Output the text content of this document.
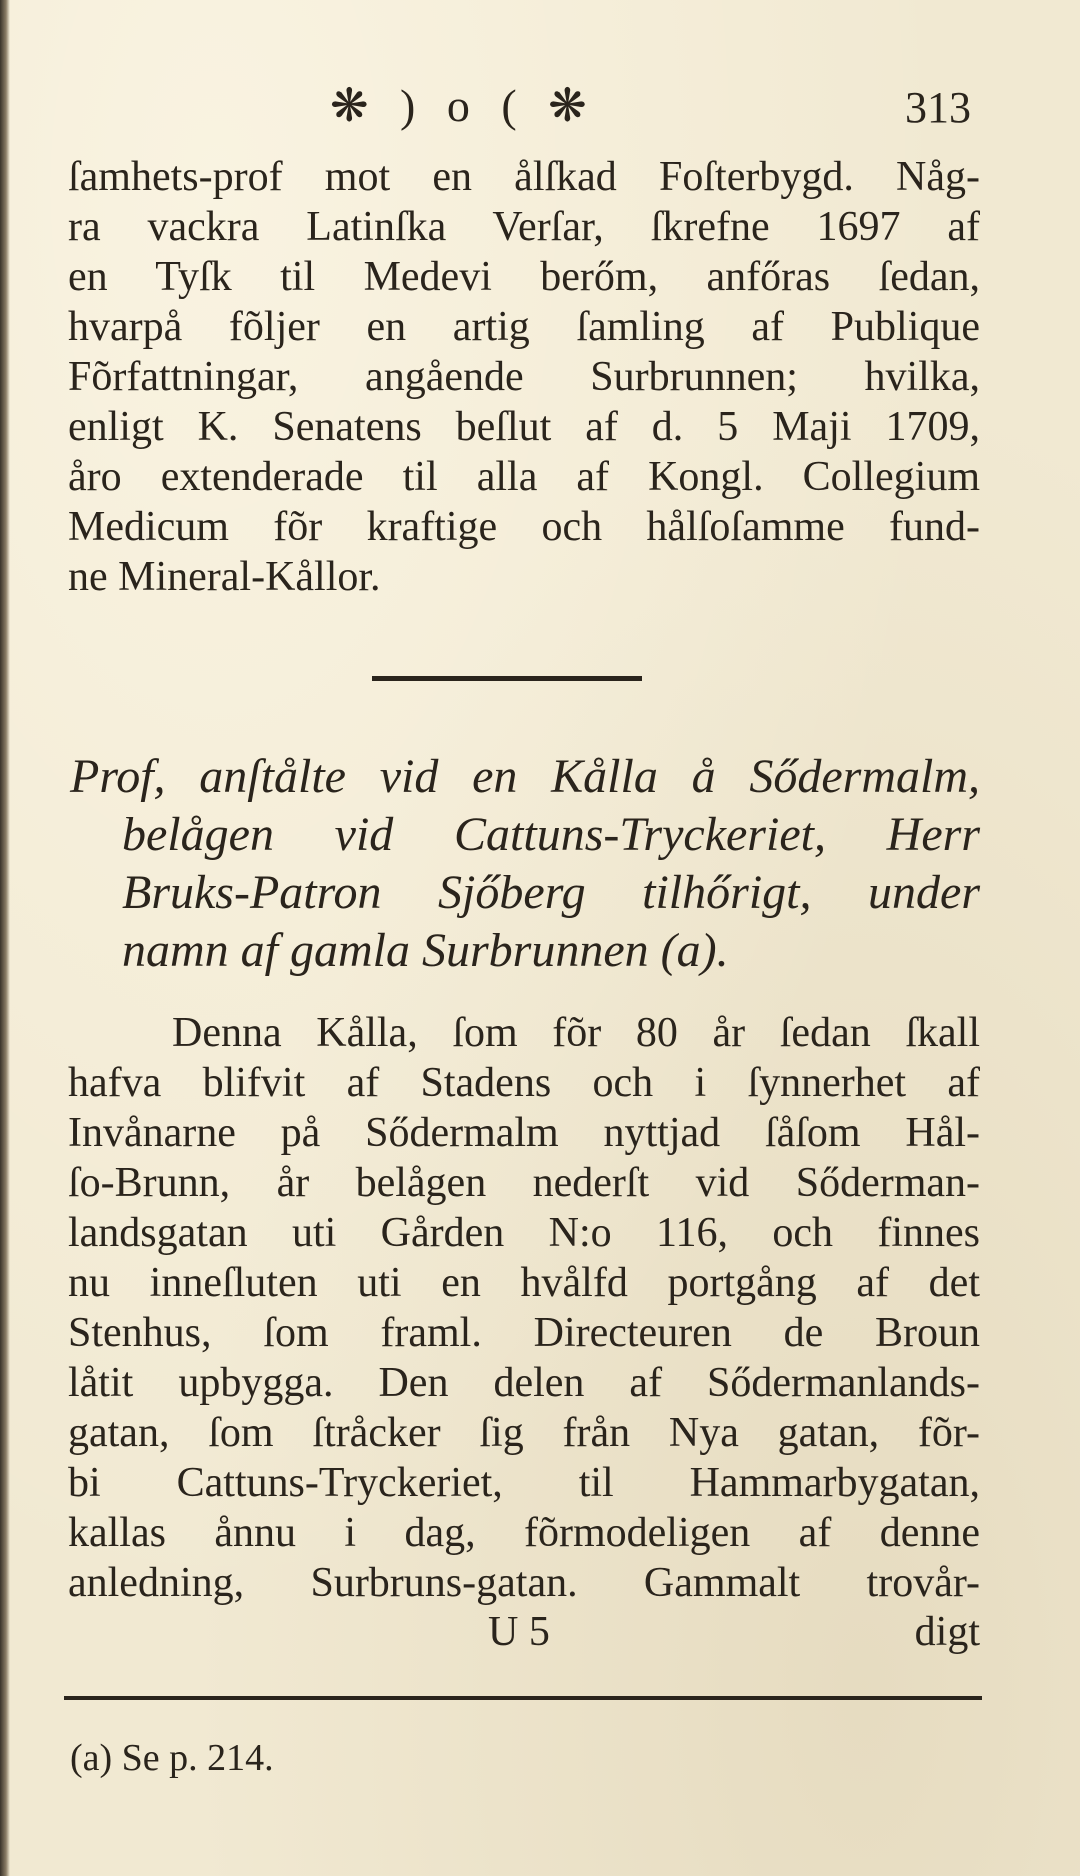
❋ ) o ( ❋	313
ſamhets-prof mot en ålſkad Foſterbygd. Någ-
ra vackra Latinſka Verſar, ſkrefne 1697 af
en Tyſk til Medevi berőm, anfőras ſedan,
hvarpå fõljer en artig ſamling af Publique
Fõrfattningar, angående Surbrunnen; hvilka,
enligt K. Senatens beſlut af d. 5 Maji 1709,
åro extenderade til alla af Kongl. Collegium
Medicum fõr kraftige och hålſoſamme fund-
ne Mineral-Kållor.
Prof, anſtålte vid en Kålla å Sődermalm,
belågen vid Cattuns-Tryckeriet, Herr
Bruks-Patron Sjőberg tilhőrigt, under
namn af gamla Surbrunnen (a).
Denna Kålla, ſom fõr 80 år ſedan ſkall
hafva blifvit af Stadens och i ſynnerhet af
Invånarne på Sődermalm nyttjad ſåſom Hål-
ſo-Brunn, år belågen nederſt vid Sőderman-
landsgatan uti Gården N:o 116, och finnes
nu inneſluten uti en hvålfd portgång af det
Stenhus, ſom framl. Directeuren de Broun
låtit upbygga. Den delen af Sődermanlands-
gatan, ſom ſtråcker ſig från Nya gatan, fõr-
bi Cattuns-Tryckeriet, til Hammarbygatan,
kallas ånnu i dag, fõrmodeligen af denne
anledning, Surbruns-gatan. Gammalt trovår-
U 5	digt
(a) Se p. 214.
